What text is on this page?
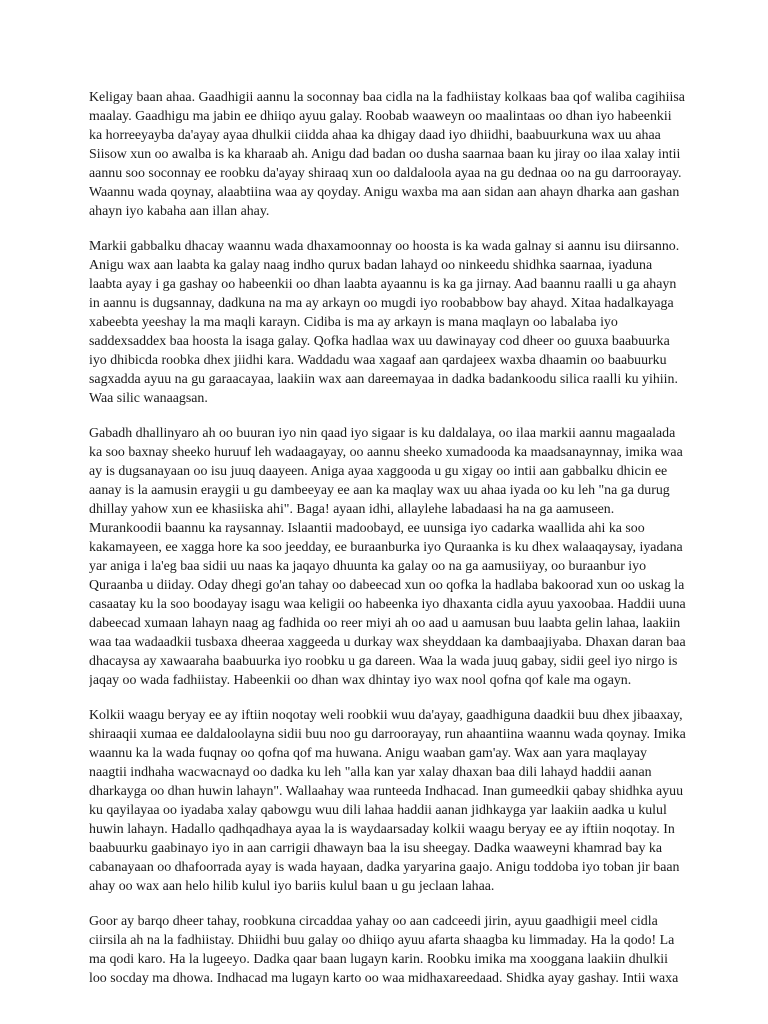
Keligay baan ahaa. Gaadhigii aannu la soconnay baa cidla na la fadhiistay kolkaas baa qof waliba cagihiisa maalay. Gaadhigu ma jabin ee dhiiqo ayuu galay. Roobab waaweyn oo maalintaas oo dhan iyo habeenkii ka horreeyayba da'ayay ayaa dhulkii ciidda ahaa ka dhigay daad iyo dhiidhi, baabuurkuna wax uu ahaa Siisow xun oo awalba is ka kharaab ah. Anigu dad badan oo dusha saarnaa baan ku jiray oo ilaa xalay intii aannu soo soconnay ee roobku da'ayay shiraaq xun oo daldaloola ayaa na gu dednaa oo na gu darroorayay. Waannu wada qoynay, alaabtiina waa ay qoyday. Anigu waxba ma aan sidan aan ahayn dharka aan gashan ahayn iyo kabaha aan illan ahay.

Markii gabbalku dhacay waannu wada dhaxamoonnay oo hoosta is ka wada galnay si aannu isu diirsanno. Anigu wax aan laabta ka galay naag indho qurux badan lahayd oo ninkeedu shidhka saarnaa, iyaduna laabta ayay i ga gashay oo habeenkii oo dhan laabta ayaannu is ka ga jirnay. Aad baannu raalli u ga ahayn in aannu is dugsannay, dadkuna na ma ay arkayn oo mugdi iyo roobabbow bay ahayd. Xitaa hadalkayaga xabeebta yeeshay la ma maqli karayn. Cidiba is ma ay arkayn is mana maqlayn oo labalaba iyo saddexsaddex baa hoosta la isaga galay. Qofka hadlaa wax uu dawinayay cod dheer oo guuxa baabuurka iyo dhibicda roobka dhex jiidhi kara. Waddadu waa xagaaf aan qardajeex waxba dhaamin oo baabuurku sagxadda ayuu na gu garaacayaa, laakiin wax aan dareemayaa in dadka badankoodu silica raalli ku yihiin. Waa silic wanaagsan.

Gabadh dhallinyaro ah oo buuran iyo nin qaad iyo sigaar is ku daldalaya, oo ilaa markii aannu magaalada ka soo baxnay sheeko huruuf leh wadaagayay, oo aannu sheeko xumadooda ka maadsanaynnay, imika waa ay is dugsanayaan oo isu juuq daayeen. Aniga ayaa xaggooda u gu xigay oo intii aan gabbalku dhicin ee aanay is la aamusin eraygii u gu dambeeyay ee aan ka maqlay wax uu ahaa iyada oo ku leh "na ga durug dhillay yahow xun ee khasiiska ahi". Baga! ayaan idhi, allaylehe labadaasi ha na ga aamuseen. Murankoodii baannu ka raysannay. Islaantii madoobayd, ee uunsiga iyo cadarka waallida ahi ka soo kakamayeen, ee xagga hore ka soo jeedday, ee buraanburka iyo Quraanka is ku dhex walaaqaysay, iyadana yar aniga i la'eg baa sidii uu naas ka jaqayo dhuunta ka galay oo na ga aamusiiyay, oo buraanbur iyo Quraanba u diiday. Oday dhegi go'an tahay oo dabeecad xun oo qofka la hadlaba bakoorad xun oo uskag la casaatay ku la soo boodayay isagu waa keligii oo habeenka iyo dhaxanta cidla ayuu yaxoobaa. Haddii uuna dabeecad xumaan lahayn naag ag fadhida oo reer miyi ah oo aad u aamusan buu laabta gelin lahaa, laakiin waa taa wadaadkii tusbaxa dheeraa xaggeeda u durkay wax sheyddaan ka dambaajiyaba. Dhaxan daran baa dhacaysa ay xawaaraha baabuurka iyo roobku u ga dareen. Waa la wada juuq gabay, sidii geel iyo nirgo is jaqay oo wada fadhiistay. Habeenkii oo dhan wax dhintay iyo wax nool qofna qof kale ma ogayn.

Kolkii waagu beryay ee ay iftiin noqotay weli roobkii wuu da'ayay, gaadhiguna daadkii buu dhex jibaaxay, shiraaqii xumaa ee daldaloolayna sidii buu noo gu darroorayay, run ahaantiina waannu wada qoynay. Imika waannu ka la wada fuqnay oo qofna qof ma huwana. Anigu waaban gam'ay. Wax aan yara maqlayay naagtii indhaha wacwacnayd oo dadka ku leh "alla kan yar xalay dhaxan baa dili lahayd haddii aanan dharkayga oo dhan huwin lahayn". Wallaahay waa runteeda Indhacad. Inan gumeedkii qabay shidhka ayuu ku qayilayaa oo iyadaba xalay qabowgu wuu dili lahaa haddii aanan jidhkayga yar laakiin aadka u kulul huwin lahayn. Hadallo qadhqadhaya ayaa la is waydaarsaday kolkii waagu beryay ee ay iftiin noqotay. In baabuurku gaabinayo iyo in aan carrigii dhawayn baa la isu sheegay. Dadka waaweyni khamrad bay ka cabanayaan oo dhafoorrada ayay is wada hayaan, dadka yaryarina gaajo. Anigu toddoba iyo toban jir baan ahay oo wax aan helo hilib kulul iyo bariis kulul baan u gu jeclaan lahaa.

Goor ay barqo dheer tahay, roobkuna circaddaa yahay oo aan cadceedi jirin, ayuu gaadhigii meel cidla ciirsila ah na la fadhiistay. Dhiidhi buu galay oo dhiiqo ayuu afarta shaagba ku limmaday. Ha la qodo! La ma qodi karo. Ha la lugeeyo. Dadka qaar baan lugayn karin. Roobku imika ma xooggana laakiin dhulkii loo socday ma dhowa. Indhacad ma lugayn karto oo waa midhaxareedaad. Shidka ayay gashay. Intii waxa
